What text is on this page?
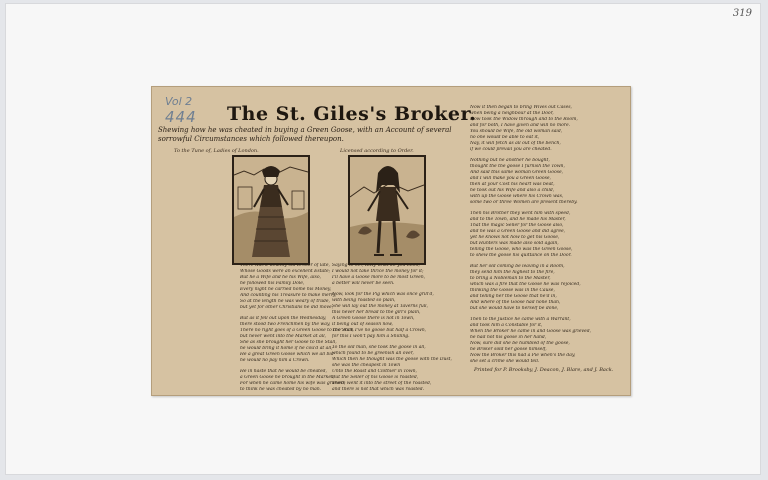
319
Vol 2
444	The St. Giles's Broker.
Shewing how he was cheated in buying a Green Goose, with an Account of several sorrowful Circumstances which followed thereupon.
To the Tune of, Ladies of London.	Licensed according to Order.
There was a wealthy old Broker of late,
Whose Goods were an excellent Estate;
But he a Wife and he his Wife, also,
he followed his Family Dole,
Every night he carried home his Money,
And counting his Treasure to make merry,
So at the length he was weary of trade,
but yet for other Christians he did move,
But as it fell out upon the Wednesday,
there stood two Frenchmen by the way,
There no right goes of a Green Goose to the Stall,
but never went into the Market at all,
She as she brought her Goose to the Stall,
he would bring it home if he cou'd at all;
He a great Green Goose which we all bid
he would no pay him a Crown.
He in haste that he would be cheated,
a Green Goose he brought in the Market,
For when he came home his wife was grieved,
to think he was cheated by no man.
Saying to her, Kitty what do you think,
I would not take thrice the money for it;
I'll have a Goose more to be most Green,
a better will never be seen.
Now, look for the Pig which was once grill'd,
with being roasted so plain,
She will lay out the money at Taverns full,
this never her bread to the girl's plain,
A Green Goose there is not in Town,
it being out of season now,
Tho' Rich I've no goose but half a Crown,
for this I won't pay him a Shilling.
To the old man, she took the goose in all,
which found to be greenish all over,
Which then he thought was the goose with the Dust,
she was the cheapest in Town
Unto the Roast and Clothier in Town,
But the Seller of his Goose is roasted,
There went it into the street of the roasted,
and there is not that which was roasted.
Now it then began to bring Wives out Cases,
when being a neighbour at the Door,
Now took the Widow through and to the Room,
and for both, I have given and will no more.
You should be Wife, the old woman said,
no one would be able to eat it,
Nay, it will fetch as all out of the bench,
if we could prevail you are cheated.
Nothing but he another he bought,
thought the the goose I furnish the Town,
And said this same woman Green Goose,
and I will make you a Green Goose,
then at your Cost his heart was beat,
he took out his Wife and also a child,
with up the Goose where his Crown was,
some two or three Women are present thereby.
Then his Brother they went him with speed,
and to the Town, and he made his Master,
That the magic Seller for the Goose also,
and he was a Green Goose and did agree,
yet he knows not how to get his Goose,
but Hunters was made also sold again,
telling the Goose, who was the Green Goose,
to shew the goose his quittance on the Door.
But her old coming be leaving in a Room,
they send him the highest to the fire,
to bring a Nobleman to the Master,
which was a fire that the Goose he was rejoiced,
thinking the Goose was in the Cause,
and telling her the Goose that he'd in,
And where of the Goose had none than,
but she would have to herself be done,
Then to the Justice he came with a Warrant,
and took him a Constable for it,
When the Broker he came in and Goose was grieved,
he had not his goose in her hand,
Now, sure did she be humbled of the goose,
he Broker sold her goose himself,
Now the Broker this had a Pie when's the day,
she set a crime she would tell.
Printed for P. Brooksby, J. Deacon, J. Blare, and J. Back.
